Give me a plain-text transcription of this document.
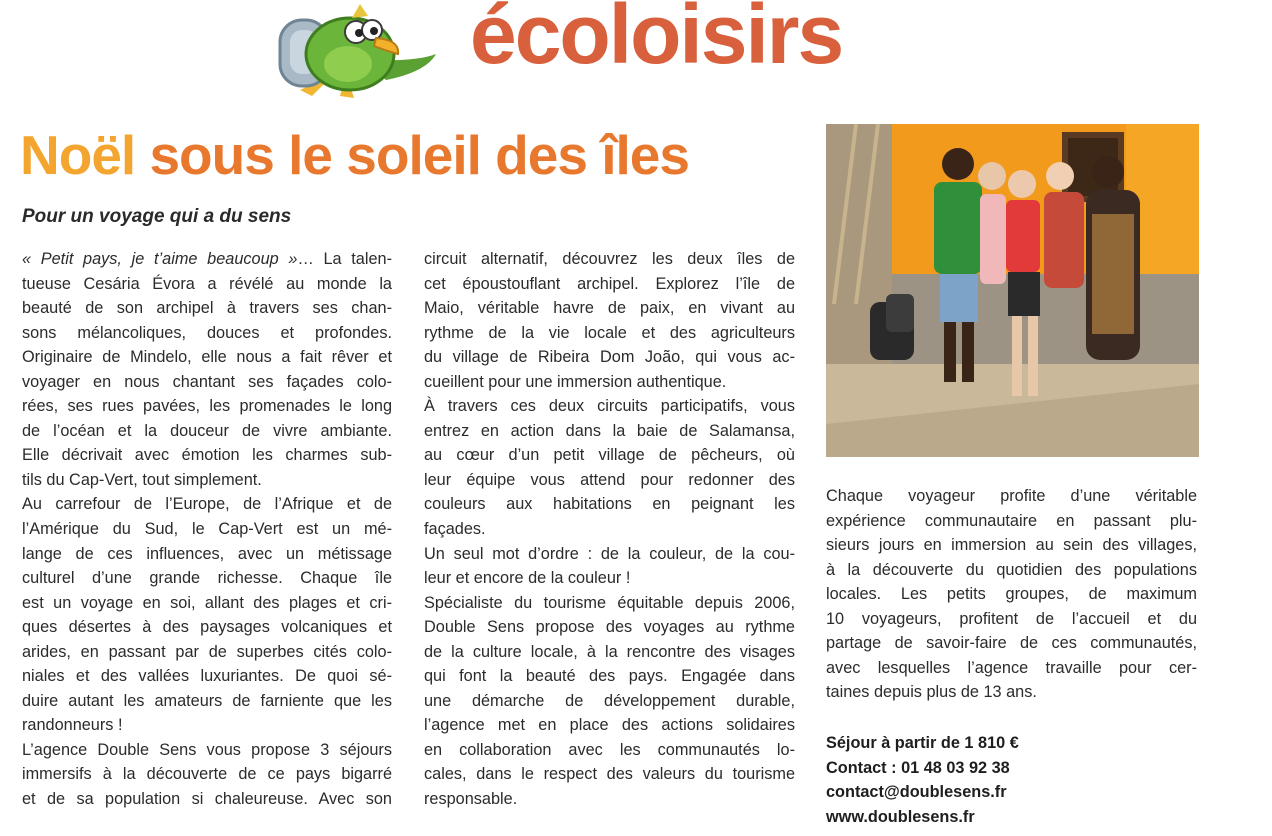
écoloisirs
Noël sous le soleil des îles
Pour un voyage qui a du sens
« Petit pays, je t’aime beaucoup »… La talen-
tueuse Cesária Évora a révélé au monde la
beauté de son archipel à travers ses chan-
sons mélancoliques, douces et profondes.
Originaire de Mindelo, elle nous a fait rêver et
voyager en nous chantant ses façades colo-
rées, ses rues pavées, les promenades le long
de l’océan et la douceur de vivre ambiante.
Elle décrivait avec émotion les charmes sub-
tils du Cap-Vert, tout simplement.
Au carrefour de l’Europe, de l’Afrique et de
l’Amérique du Sud, le Cap-Vert est un mé-
lange de ces influences, avec un métissage
culturel d’une grande richesse. Chaque île
est un voyage en soi, allant des plages et cri-
ques désertes à des paysages volcaniques et
arides, en passant par de superbes cités colo-
niales et des vallées luxuriantes. De quoi sé-
duire autant les amateurs de farniente que les
randonneurs !
L’agence Double Sens vous propose 3 séjours
immersifs à la découverte de ce pays bigarré
et de sa population si chaleureuse. Avec son
circuit alternatif, découvrez les deux îles de
cet époustouflant archipel. Explorez l’île de
Maio, véritable havre de paix, en vivant au
rythme de la vie locale et des agriculteurs
du village de Ribeira Dom João, qui vous ac-
cueillent pour une immersion authentique.
À travers ces deux circuits participatifs, vous
entrez en action dans la baie de Salamansa,
au cœur d’un petit village de pêcheurs, où
leur équipe vous attend pour redonner des
couleurs aux habitations en peignant les
façades.
Un seul mot d’ordre : de la couleur, de la cou-
leur et encore de la couleur !
Spécialiste du tourisme équitable depuis 2006,
Double Sens propose des voyages au rythme
de la culture locale, à la rencontre des visages
qui font la beauté des pays. Engagée dans
une démarche de développement durable,
l’agence met en place des actions solidaires
en collaboration avec les communautés lo-
cales, dans le respect des valeurs du tourisme
responsable.
Chaque voyageur profite d’une véritable
expérience communautaire en passant plu-
sieurs jours en immersion au sein des villages,
à la découverte du quotidien des populations
locales. Les petits groupes, de maximum
10 voyageurs, profitent de l’accueil et du
partage de savoir-faire de ces communautés,
avec lesquelles l’agence travaille pour cer-
taines depuis plus de 13 ans.
Séjour à partir de 1 810 €
Contact : 01 48 03 92 38
contact@doublesens.fr
www.doublesens.fr
